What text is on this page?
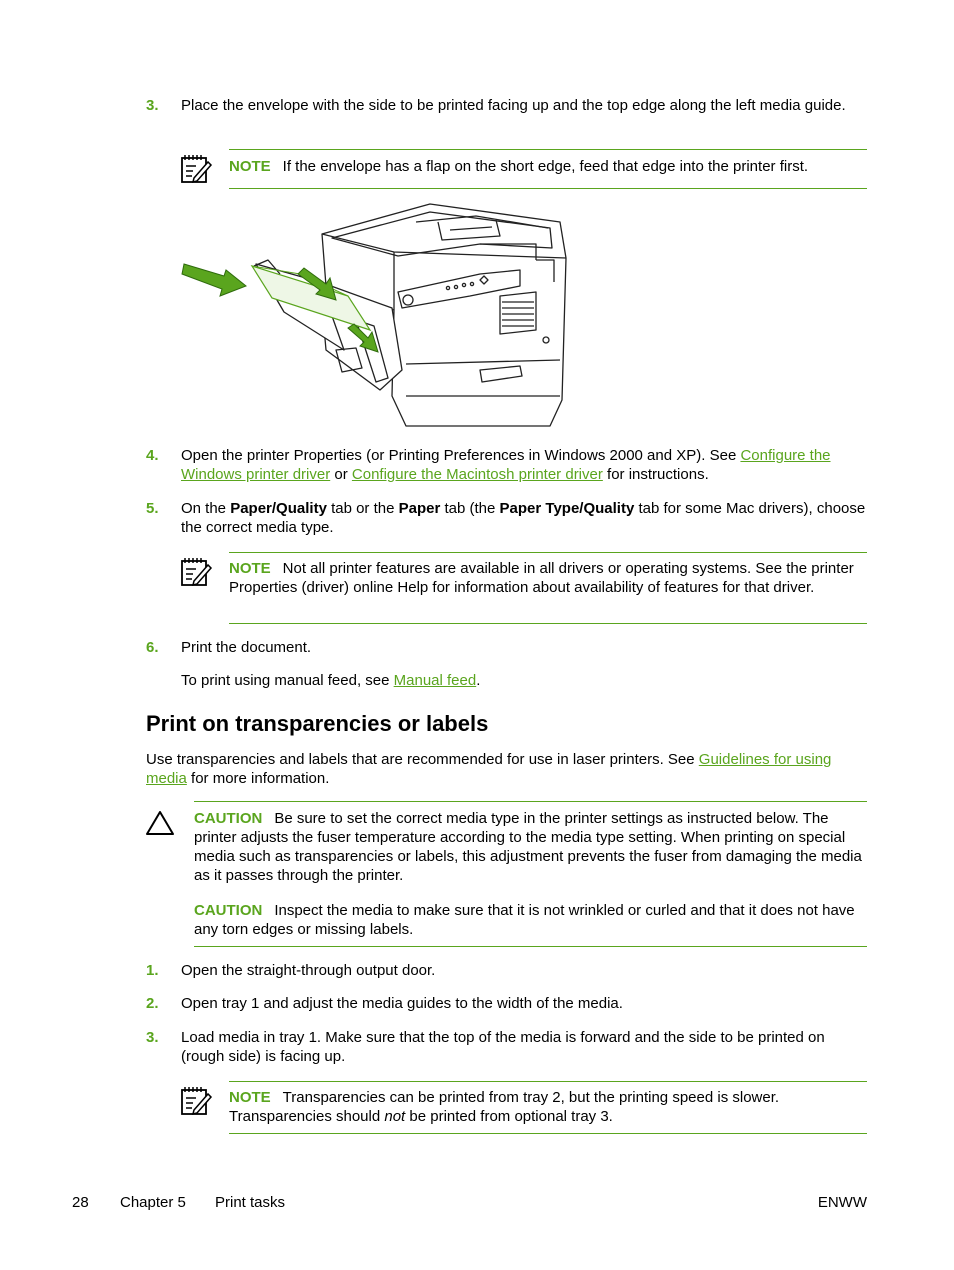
3. Place the envelope with the side to be printed facing up and the top edge along the left media guide.
NOTE If the envelope has a flap on the short edge, feed that edge into the printer first.
4. Open the printer Properties (or Printing Preferences in Windows 2000 and XP). See Configure the Windows printer driver or Configure the Macintosh printer driver for instructions.
5. On the Paper/Quality tab or the Paper tab (the Paper Type/Quality tab for some Mac drivers), choose the correct media type.
NOTE Not all printer features are available in all drivers or operating systems. See the printer Properties (driver) online Help for information about availability of features for that driver.
6. Print the document.
To print using manual feed, see Manual feed.
Print on transparencies or labels
Use transparencies and labels that are recommended for use in laser printers. See Guidelines for using media for more information.
CAUTION Be sure to set the correct media type in the printer settings as instructed below. The printer adjusts the fuser temperature according to the media type setting. When printing on special media such as transparencies or labels, this adjustment prevents the fuser from damaging the media as it passes through the printer.
CAUTION Inspect the media to make sure that it is not wrinkled or curled and that it does not have any torn edges or missing labels.
1. Open the straight-through output door.
2. Open tray 1 and adjust the media guides to the width of the media.
3. Load media in tray 1. Make sure that the top of the media is forward and the side to be printed on (rough side) is facing up.
NOTE Transparencies can be printed from tray 2, but the printing speed is slower. Transparencies should not be printed from optional tray 3.
28 Chapter 5 Print tasks	ENWW
